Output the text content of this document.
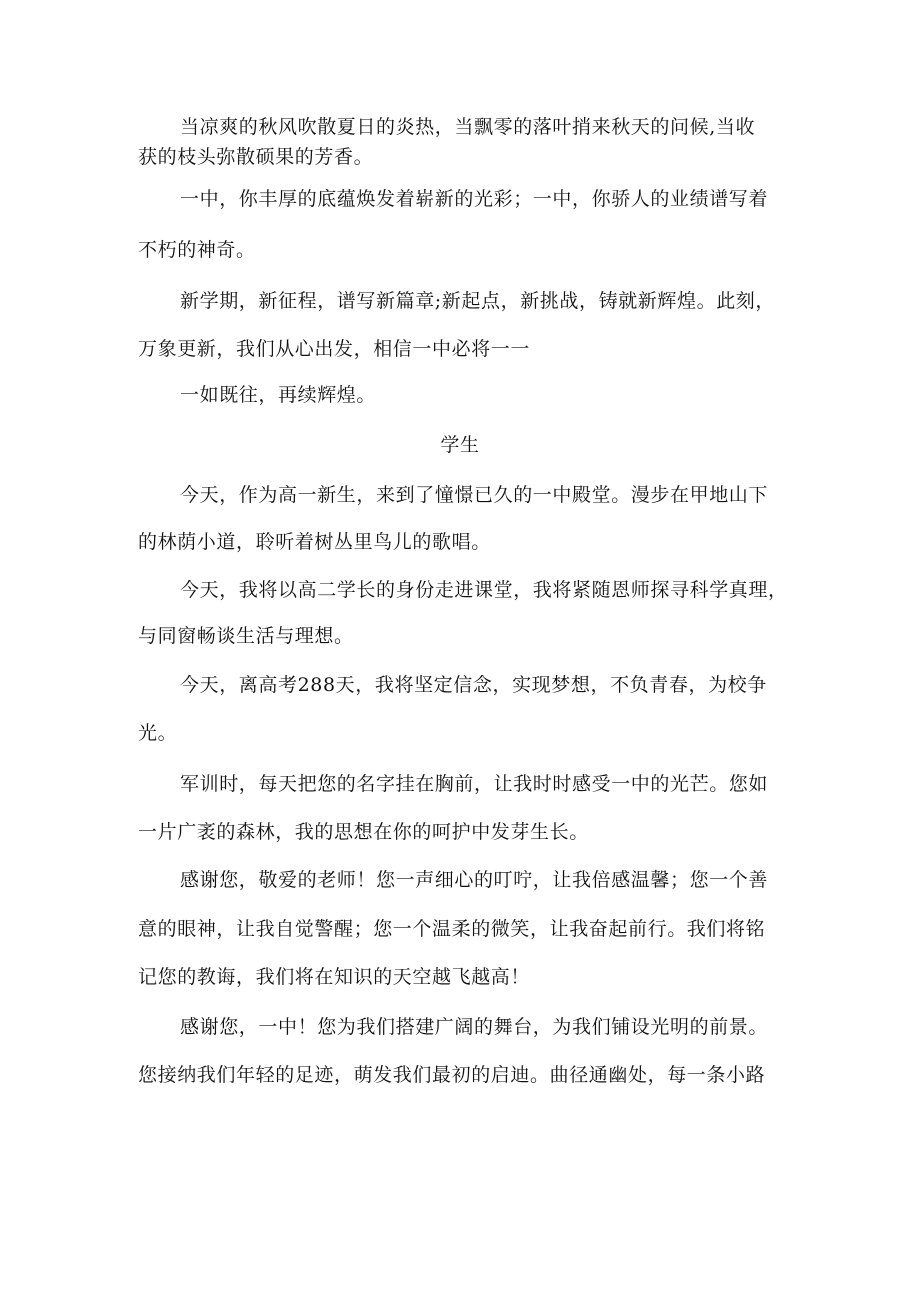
当凉爽的秋风吹散夏日的炎热，当飘零的落叶捎来秋天的问候,当收
获的枝头弥散硕果的芳香。
一中，你丰厚的底蕴焕发着崭新的光彩；一中，你骄人的业绩谱写着
不朽的神奇。
新学期，新征程，谱写新篇章;新起点，新挑战，铸就新辉煌。此刻，
万象更新，我们从心出发，相信一中必将一一
一如既往，再续辉煌。
学生
今天，作为高一新生，来到了憧憬已久的一中殿堂。漫步在甲地山下
的林荫小道，聆听着树丛里鸟儿的歌唱。
今天，我将以高二学长的身份走进课堂，我将紧随恩师探寻科学真理，
与同窗畅谈生活与理想。
今天，离高考288天，我将坚定信念，实现梦想，不负青春，为校争
光。
军训时，每天把您的名字挂在胸前，让我时时感受一中的光芒。您如
一片广袤的森林，我的思想在你的呵护中发芽生长。
感谢您，敬爱的老师！您一声细心的叮咛，让我倍感温馨；您一个善
意的眼神，让我自觉警醒；您一个温柔的微笑，让我奋起前行。我们将铭
记您的教诲，我们将在知识的天空越飞越高！
感谢您，一中！您为我们搭建广阔的舞台，为我们铺设光明的前景。
您接纳我们年轻的足迹，萌发我们最初的启迪。曲径通幽处，每一条小路
